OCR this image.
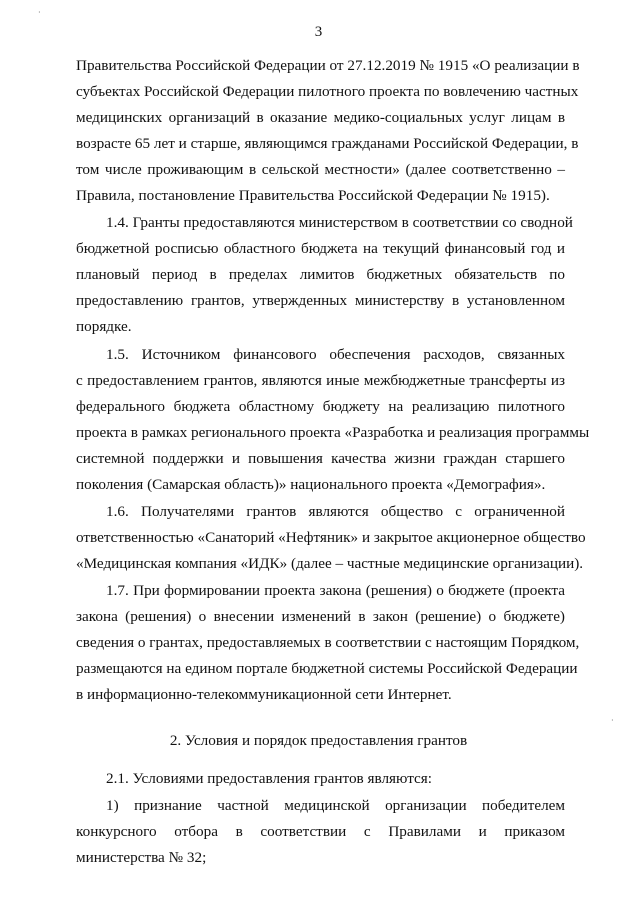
·
·
3
Правительства Российской Федерации от 27.12.2019 № 1915 «О реализации в
субъектах Российской Федерации пилотного проекта по вовлечению частных
медицинских организаций в оказание медико-социальных услуг лицам в
возрасте 65 лет и старше, являющимся гражданами Российской Федерации, в
том числе проживающим в сельской местности» (далее соответственно –
Правила, постановление Правительства Российской Федерации № 1915).
1.4. Гранты предоставляются министерством в соответствии со сводной
бюджетной росписью областного бюджета на текущий финансовый год и
плановый период в пределах лимитов бюджетных обязательств по
предоставлению грантов, утвержденных министерству в установленном
порядке.
1.5. Источником финансового обеспечения расходов, связанных
с предоставлением грантов, являются иные межбюджетные трансферты из
федерального бюджета областному бюджету на реализацию пилотного
проекта в рамках регионального проекта «Разработка и реализация программы
системной поддержки и повышения качества жизни граждан старшего
поколения (Самарская область)» национального проекта «Демография».
1.6. Получателями грантов являются общество с ограниченной
ответственностью «Санаторий «Нефтяник» и закрытое акционерное общество
«Медицинская компания «ИДК» (далее – частные медицинские организации).
1.7. При формировании проекта закона (решения) о бюджете (проекта
закона (решения) о внесении изменений в закон (решение) о бюджете)
сведения о грантах, предоставляемых в соответствии с настоящим Порядком,
размещаются на едином портале бюджетной системы Российской Федерации
в информационно-телекоммуникационной сети Интернет.
2. Условия и порядок предоставления грантов
2.1. Условиями предоставления грантов являются:
1) признание частной медицинской организации победителем
конкурсного отбора в соответствии с Правилами и приказом
министерства № 32;
